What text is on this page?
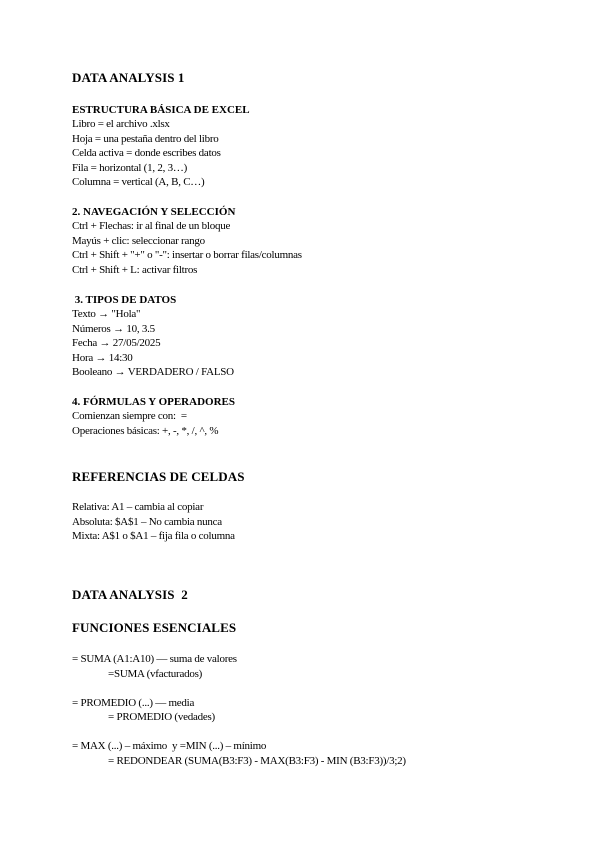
DATA ANALYSIS 1
ESTRUCTURA BÁSICA DE EXCEL
Libro = el archivo .xlsx
Hoja = una pestaña dentro del libro
Celda activa = donde escribes datos
Fila = horizontal (1, 2, 3…)
Columna = vertical (A, B, C…)
2. NAVEGACIÓN Y SELECCIÓN
Ctrl + Flechas: ir al final de un bloque
Mayús + clic: seleccionar rango
Ctrl + Shift + "+" o "-": insertar o borrar filas/columnas
Ctrl + Shift + L: activar filtros
3. TIPOS DE DATOS
Texto → "Hola"
Números → 10, 3.5
Fecha → 27/05/2025
Hora → 14:30
Booleano → VERDADERO / FALSO
4. FÓRMULAS Y OPERADORES
Comienzan siempre con:  =
Operaciones básicas: +, -, *, /, ^, %
REFERENCIAS DE CELDAS
Relativa: A1 – cambia al copiar
Absoluta: $A$1 – No cambia nunca
Mixta: A$1 o $A1 – fija fila o columna
DATA ANALYSIS  2
FUNCIONES ESENCIALES
= SUMA (A1:A10) — suma de valores
=SUMA (vfacturados)
= PROMEDIO (...) — media
= PROMEDIO (vedades)
= MAX (...) – máximo  y =MIN (...) – mínimo
= REDONDEAR (SUMA(B3:F3) - MAX(B3:F3) - MIN (B3:F3))/3;2)
